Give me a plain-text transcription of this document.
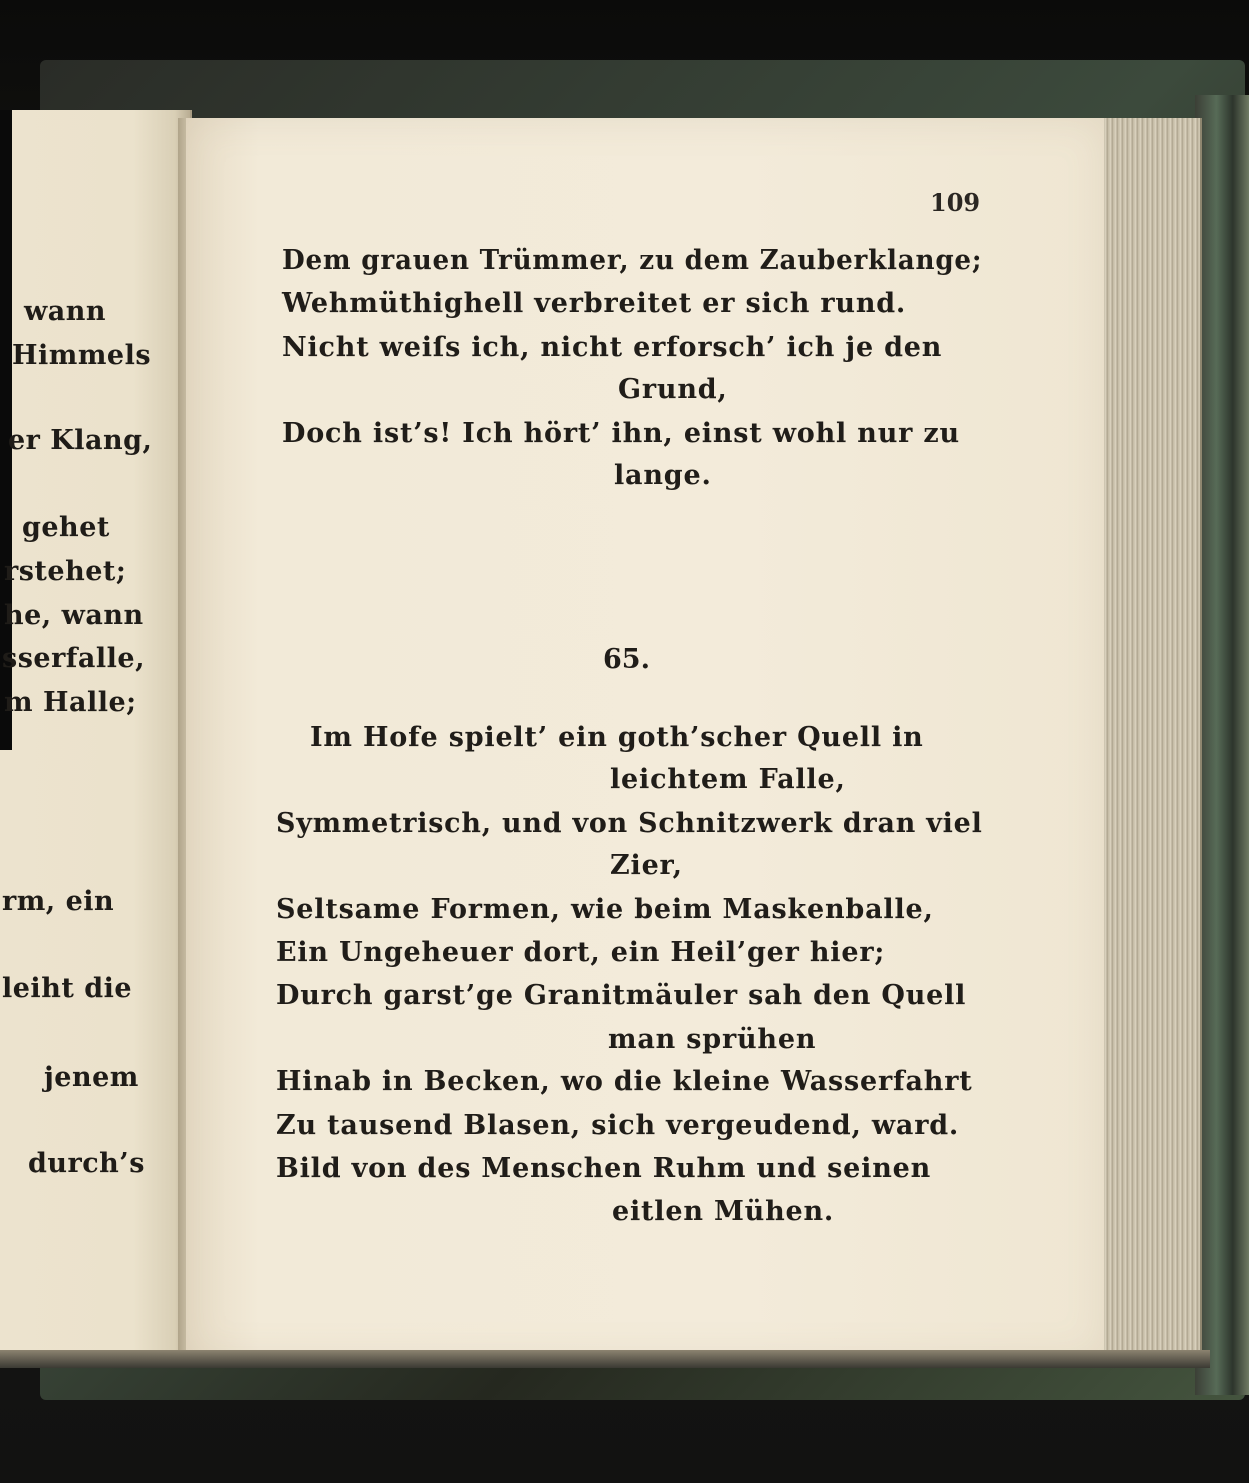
wann
Himmels
er Klang,
gehet
rstehet;
he, wann
sserfalle,
m Halle;
rm, ein
leiht die
jenem
durch’s
109
Dem grauen Trümmer, zu dem Zauberklange;
Wehmüthighell verbreitet er sich rund.
Nicht weiſs ich, nicht erforsch’ ich je den
Grund,
Doch ist’s! Ich hört’ ihn, einst wohl nur zu
lange.
65.
Im Hofe spielt’ ein goth’scher Quell in
leichtem Falle,
Symmetrisch, und von Schnitzwerk dran viel
Zier,
Seltsame Formen, wie beim Maskenballe,
Ein Ungeheuer dort, ein Heil’ger hier;
Durch garst’ge Granitmäuler sah den Quell
man sprühen
Hinab in Becken, wo die kleine Wasserfahrt
Zu tausend Blasen, sich vergeudend, ward.
Bild von des Menschen Ruhm und seinen
eitlen Mühen.
